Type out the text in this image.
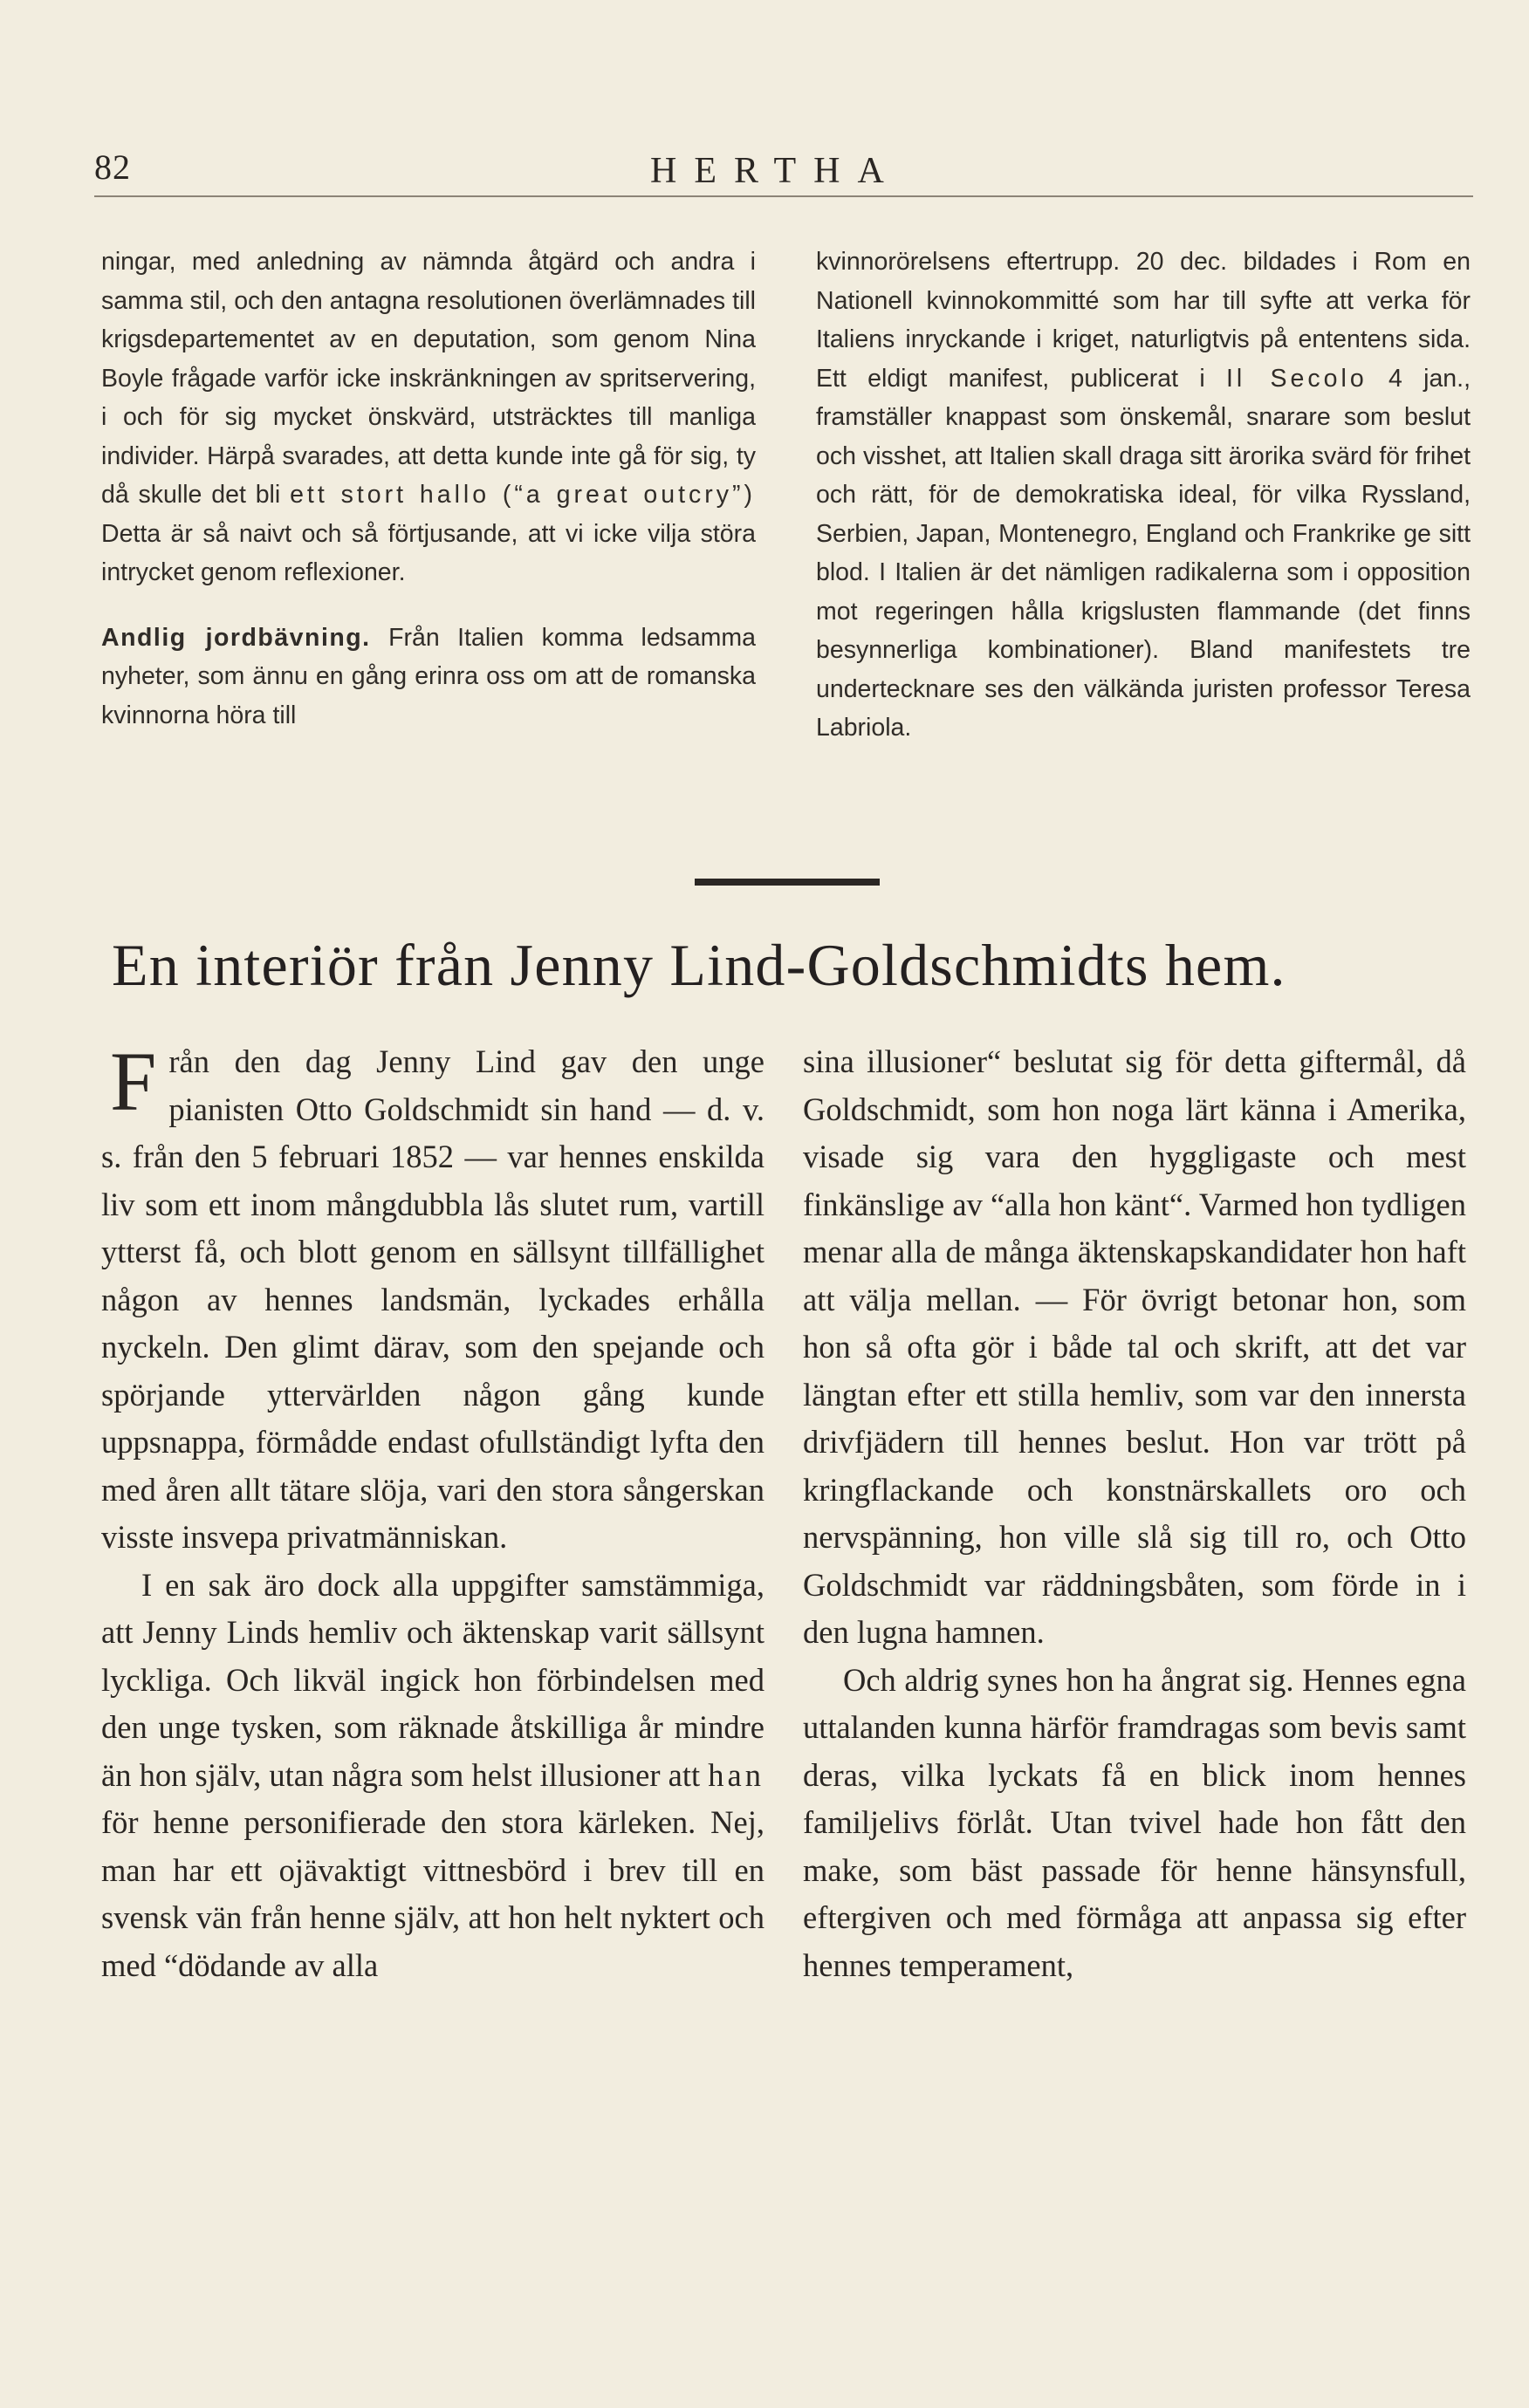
82	HERTHA

ningar, med anledning av nämnda åtgärd och andra i samma stil, och den antagna resolutionen överlämnades till krigsdepartementet av en deputation, som genom Nina Boyle frågade varför icke inskränkningen av spritservering, i och för sig mycket önskvärd, utsträcktes till manliga individer. Härpå svarades, att detta kunde inte gå för sig, ty då skulle det bli ett stort hallo (“a great outcry”) Detta är så naivt och så förtjusande, att vi icke vilja störa intrycket genom reflexioner.

Andlig jordbävning. Från Italien komma ledsamma nyheter, som ännu en gång erinra oss om att de romanska kvinnorna höra till

kvinnorörelsens eftertrupp. 20 dec. bildades i Rom en Nationell kvinnokommitté som har till syfte att verka för Italiens inryckande i kriget, naturligtvis på ententens sida. Ett eldigt manifest, publicerat i Il Secolo 4 jan., framställer knappast som önskemål, snarare som beslut och visshet, att Italien skall draga sitt ärorika svärd för frihet och rätt, för de demokratiska ideal, för vilka Ryssland, Serbien, Japan, Montenegro, England och Frankrike ge sitt blod. I Italien är det nämligen radikalerna som i opposition mot regeringen hålla krigslusten flammande (det finns besynnerliga kombinationer). Bland manifestets tre undertecknare ses den välkända juristen professor Teresa Labriola.

En interiör från Jenny Lind-Goldschmidts hem.

Från den dag Jenny Lind gav den unge pianisten Otto Goldschmidt sin hand — d. v. s. från den 5 februari 1852 — var hennes enskilda liv som ett inom mångdubbla lås slutet rum, vartill ytterst få, och blott genom en sällsynt tillfällighet någon av hennes landsmän, lyckades erhålla nyckeln. Den glimt därav, som den spejande och spörjande yttervärlden någon gång kunde uppsnappa, förmådde endast ofullständigt lyfta den med åren allt tätare slöja, vari den stora sångerskan visste insvepa privatmänniskan.

I en sak äro dock alla uppgifter samstämmiga, att Jenny Linds hemliv och äktenskap varit sällsynt lyckliga. Och likväl ingick hon förbindelsen med den unge tysken, som räknade åtskilliga år mindre än hon själv, utan några som helst illusioner att han för henne personifierade den stora kärleken. Nej, man har ett ojävaktigt vittnesbörd i brev till en svensk vän från henne själv, att hon helt nyktert och med “dödande av alla

sina illusioner“ beslutat sig för detta giftermål, då Goldschmidt, som hon noga lärt känna i Amerika, visade sig vara den hyggligaste och mest finkänslige av “alla hon känt“. Varmed hon tydligen menar alla de många äktenskapskandidater hon haft att välja mellan. — För övrigt betonar hon, som hon så ofta gör i både tal och skrift, att det var längtan efter ett stilla hemliv, som var den innersta drivfjädern till hennes beslut. Hon var trött på kringflackande och konstnärskallets oro och nervspänning, hon ville slå sig till ro, och Otto Goldschmidt var räddningsbåten, som förde in i den lugna hamnen.

Och aldrig synes hon ha ångrat sig. Hennes egna uttalanden kunna härför framdragas som bevis samt deras, vilka lyckats få en blick inom hennes familjelivs förlåt. Utan tvivel hade hon fått den make, som bäst passade för henne hänsynsfull, eftergiven och med förmåga att anpassa sig efter hennes temperament,
